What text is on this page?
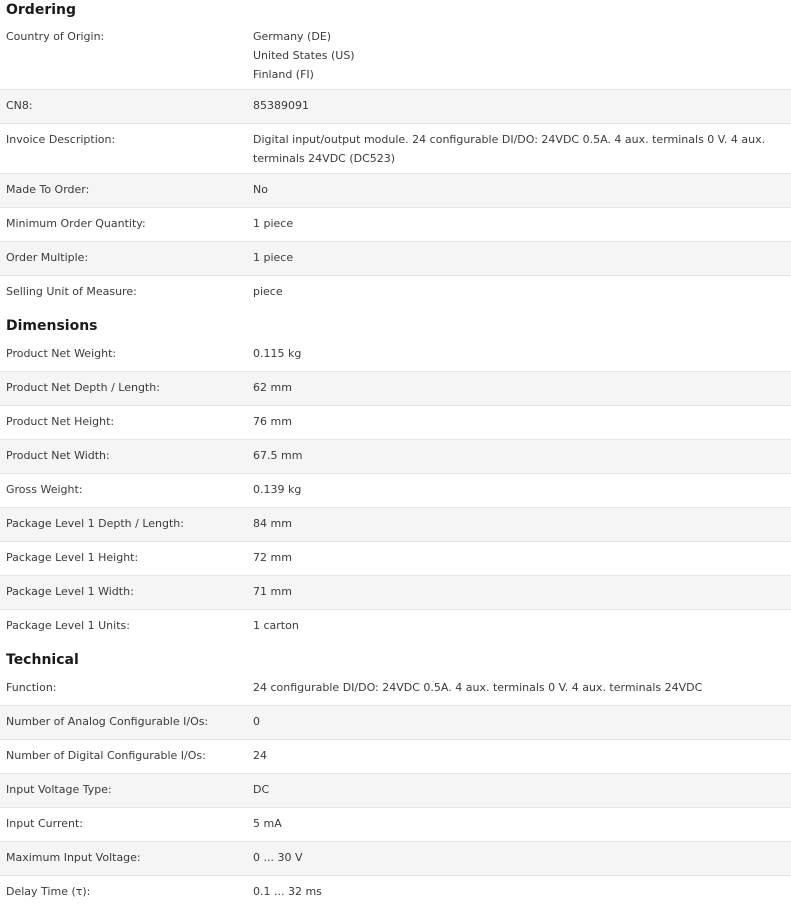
Ordering
Country of Origin:	Germany (DE)
United States (US)
Finland (FI)
CN8:	85389091
Invoice Description:	Digital input/output module. 24 configurable DI/DO: 24VDC 0.5A. 4 aux. terminals 0 V. 4 aux. terminals 24VDC (DC523)
Made To Order:	No
Minimum Order Quantity:	1 piece
Order Multiple:	1 piece
Selling Unit of Measure:	piece
Dimensions
Product Net Weight:	0.115 kg
Product Net Depth / Length:	62 mm
Product Net Height:	76 mm
Product Net Width:	67.5 mm
Gross Weight:	0.139 kg
Package Level 1 Depth / Length:	84 mm
Package Level 1 Height:	72 mm
Package Level 1 Width:	71 mm
Package Level 1 Units:	1 carton
Technical
Function:	24 configurable DI/DO: 24VDC 0.5A. 4 aux. terminals 0 V. 4 aux. terminals 24VDC
Number of Analog Configurable I/Os:	0
Number of Digital Configurable I/Os:	24
Input Voltage Type:	DC
Input Current:	5 mA
Maximum Input Voltage:	0 ... 30 V
Delay Time (τ):	0.1 ... 32 ms
